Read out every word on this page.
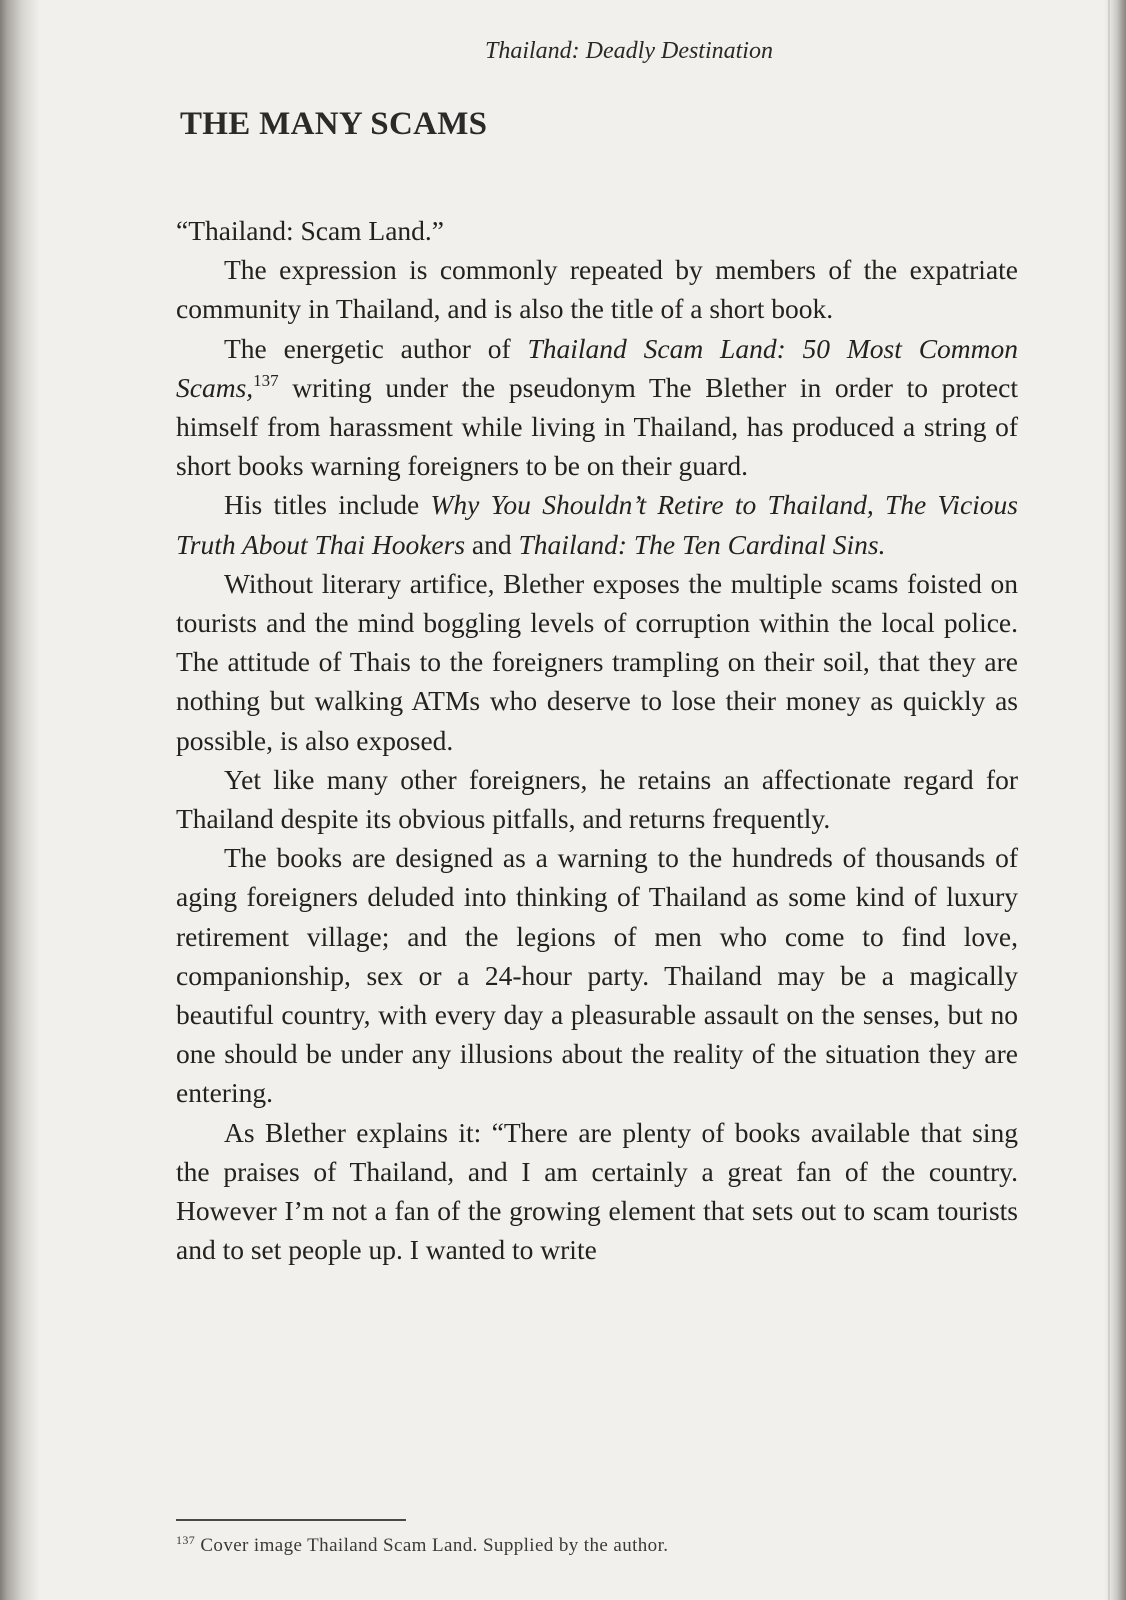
Thailand: Deadly Destination
THE MANY SCAMS

“Thailand: Scam Land.”

The expression is commonly repeated by members of the expatriate community in Thailand, and is also the title of a short book.

The energetic author of Thailand Scam Land: 50 Most Common Scams,$^{137}$ writing under the pseudonym The Blether in order to protect himself from harassment while living in Thailand, has produced a string of short books warning foreigners to be on their guard.

His titles include Why You Shouldn’t Retire to Thailand, The Vicious Truth About Thai Hookers and Thailand: The Ten Cardinal Sins.

Without literary artifice, Blether exposes the multiple scams foisted on tourists and the mind boggling levels of corruption within the local police. The attitude of Thais to the foreigners trampling on their soil, that they are nothing but walking ATMs who deserve to lose their money as quickly as possible, is also exposed.

Yet like many other foreigners, he retains an affectionate regard for Thailand despite its obvious pitfalls, and returns frequently.

The books are designed as a warning to the hundreds of thousands of aging foreigners deluded into thinking of Thailand as some kind of luxury retirement village; and the legions of men who come to find love, companionship, sex or a 24-hour party. Thailand may be a magically beautiful country, with every day a pleasurable assault on the senses, but no one should be under any illusions about the reality of the situation they are entering.

As Blether explains it: “There are plenty of books available that sing the praises of Thailand, and I am certainly a great fan of the country. However I’m not a fan of the growing element that sets out to scam tourists and to set people up. I wanted to write

$^{137}$ Cover image Thailand Scam Land. Supplied by the author.
